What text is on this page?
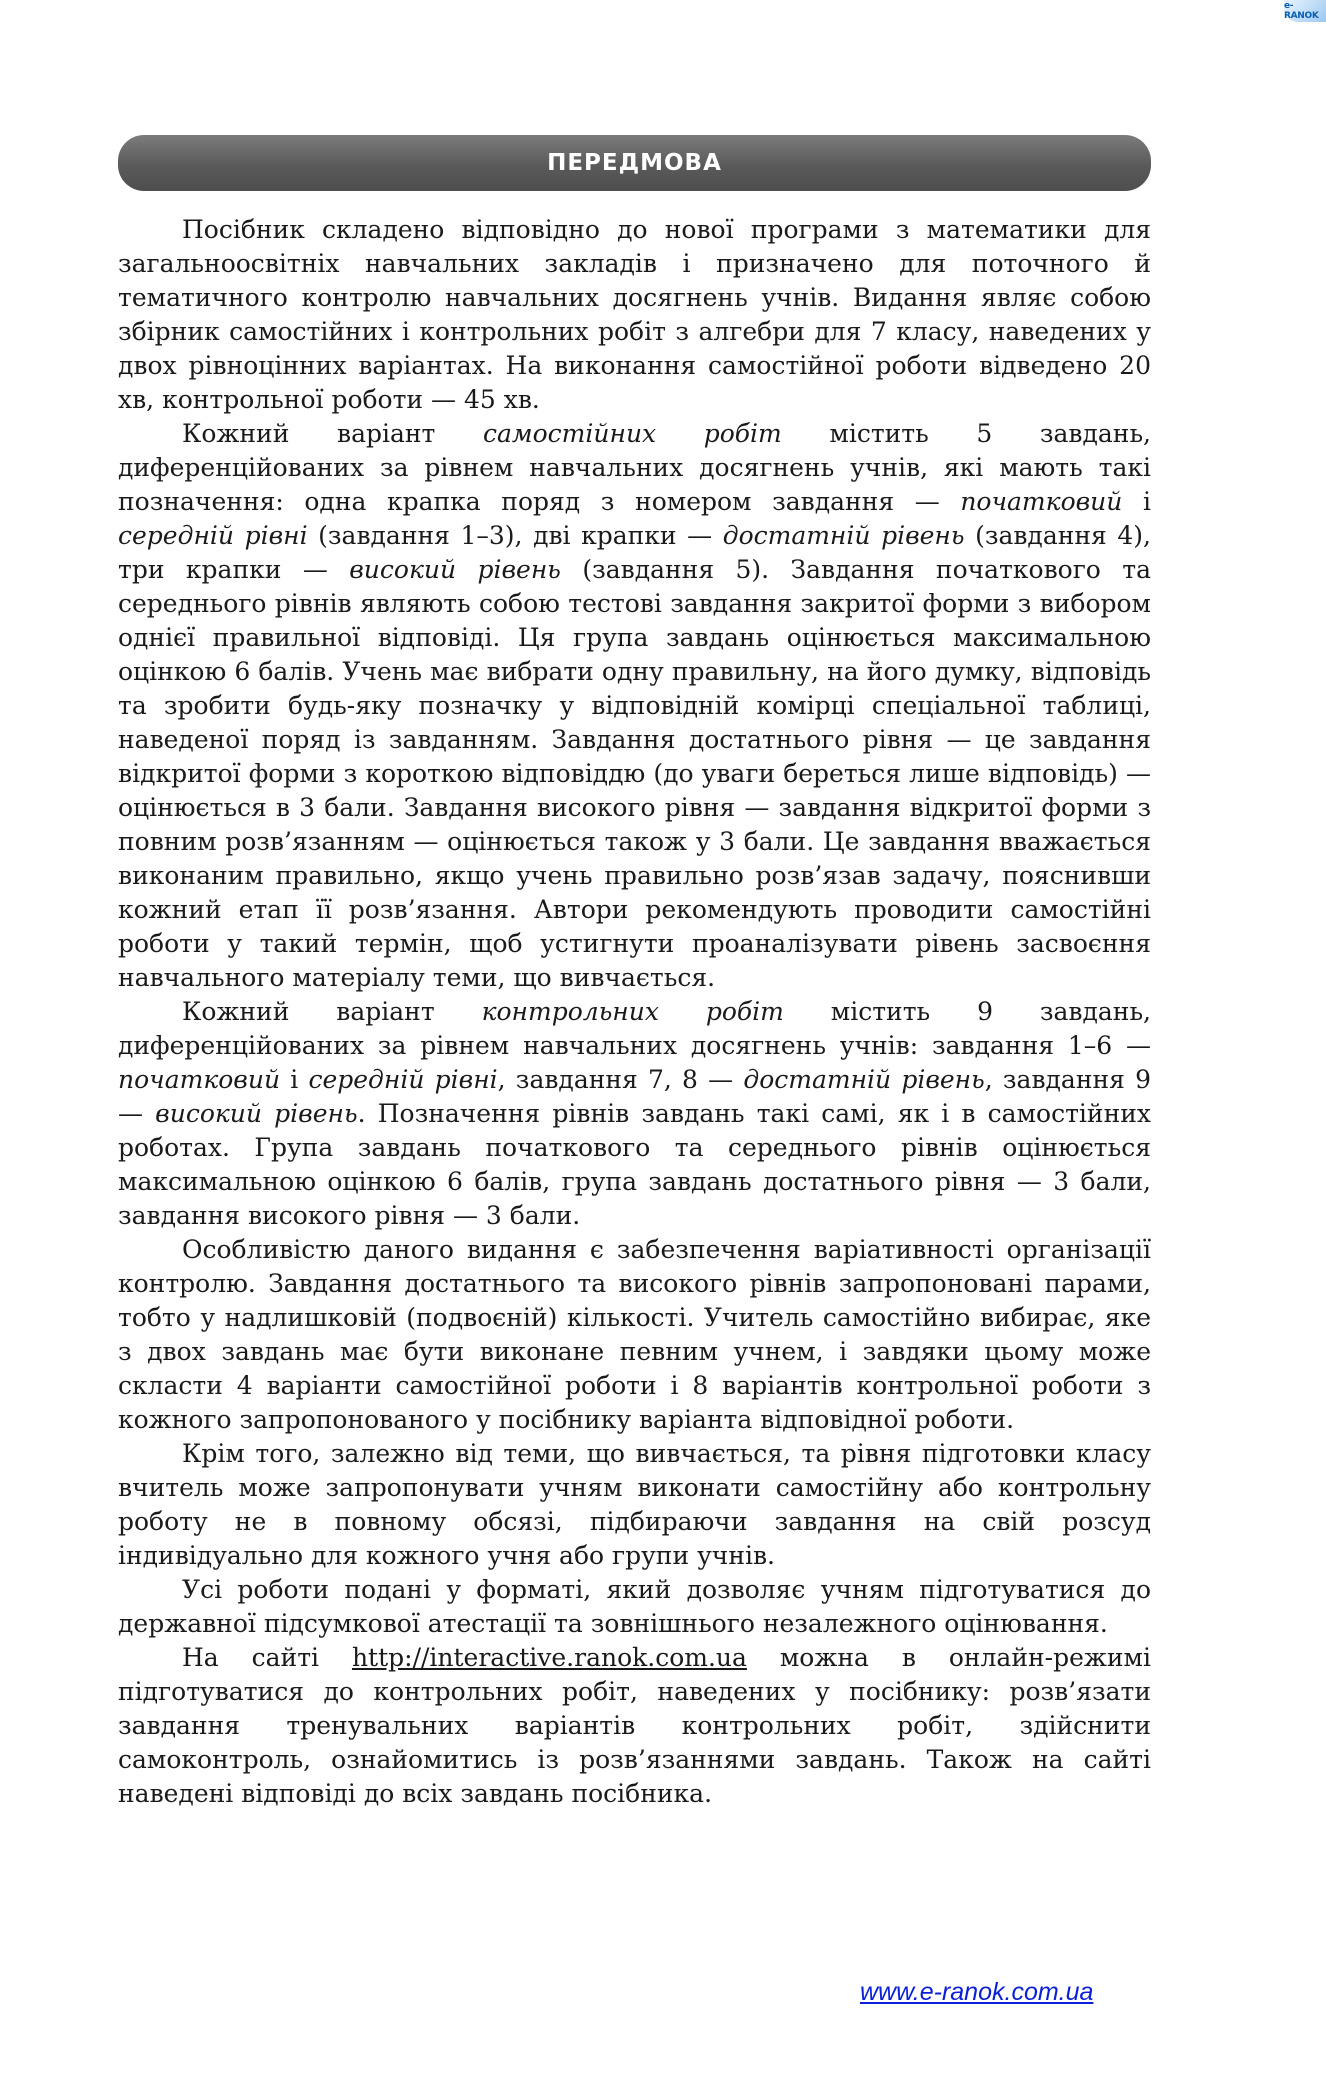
e-RANOK
ПЕРЕДМОВА

Посібник складено відповідно до нової програми з математики для загальноосвітніх навчальних закладів і призначено для поточного й тематичного контролю навчальних досягнень учнів. Видання являє собою збірник самостійних і контрольних робіт з алгебри для 7 класу, наведених у двох рівноцінних варіантах. На виконання самостійної роботи відведено 20 хв, контрольної роботи — 45 хв.

Кожний варіант самостійних робіт містить 5 завдань, диференційованих за рівнем навчальних досягнень учнів, які мають такі позначення: одна крапка поряд з номером завдання — початковий і середній рівні (завдання 1–3), дві крапки — достатній рівень (завдання 4), три крапки — високий рівень (завдання 5). Завдання початкового та середнього рівнів являють собою тестові завдання закритої форми з вибором однієї правильної відповіді. Ця група завдань оцінюється максимальною оцінкою 6 балів. Учень має вибрати одну правильну, на його думку, відповідь та зробити будь-яку позначку у відповідній комірці спеціальної таблиці, наведеної поряд із завданням. Завдання достатнього рівня — це завдання відкритої форми з короткою відповіддю (до уваги береться лише відповідь) — оцінюється в 3 бали. Завдання високого рівня — завдання відкритої форми з повним розв’язанням — оцінюється також у 3 бали. Це завдання вважається виконаним правильно, якщо учень правильно розв’язав задачу, пояснивши кожний етап її розв’язання. Автори рекомендують проводити самостійні роботи у такий термін, щоб устигнути проаналізувати рівень засвоєння навчального матеріалу теми, що вивчається.

Кожний варіант контрольних робіт містить 9 завдань, диференційованих за рівнем навчальних досягнень учнів: завдання 1–6 — початковий і середній рівні, завдання 7, 8 — достатній рівень, завдання 9 — високий рівень. Позначення рівнів завдань такі самі, як і в самостійних роботах. Група завдань початкового та середнього рівнів оцінюється максимальною оцінкою 6 балів, група завдань достатнього рівня — 3 бали, завдання високого рівня — 3 бали.

Особливістю даного видання є забезпечення варіативності організації контролю. Завдання достатнього та високого рівнів запропоновані парами, тобто у надлишковій (подвоєній) кількості. Учитель самостійно вибирає, яке з двох завдань має бути виконане певним учнем, і завдяки цьому може скласти 4 варіанти самостійної роботи і 8 варіантів контрольної роботи з кожного запропонованого у посібнику варіанта відповідної роботи.

Крім того, залежно від теми, що вивчається, та рівня підготовки класу вчитель може запропонувати учням виконати самостійну або контрольну роботу не в повному обсязі, підбираючи завдання на свій розсуд індивідуально для кожного учня або групи учнів.

Усі роботи подані у форматі, який дозволяє учням підготуватися до державної підсумкової атестації та зовнішнього незалежного оцінювання.

На сайті http://interactive.ranok.com.ua можна в онлайн-режимі підготуватися до контрольних робіт, наведених у посібнику: розв’язати завдання тренувальних варіантів контрольних робіт, здійснити самоконтроль, ознайомитись із розв’язаннями завдань. Також на сайті наведені відповіді до всіх завдань посібника.

www.e-ranok.com.ua
